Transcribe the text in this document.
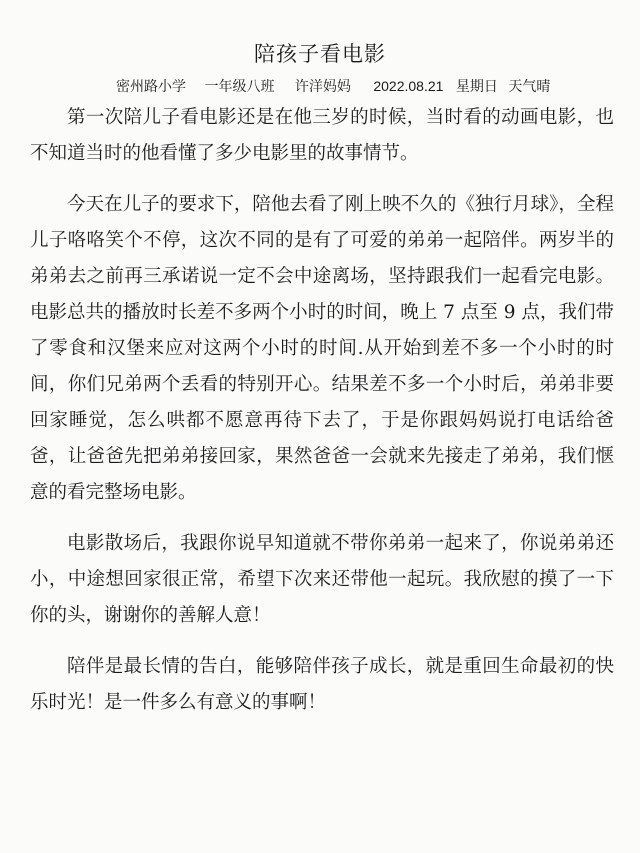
陪孩子看电影

密州路小学 一年级八班 许洋妈妈 2022.08.21 星期日 天气晴

第一次陪儿子看电影还是在他三岁的时候，当时看的动画电影，也不知道当时的他看懂了多少电影里的故事情节。

今天在儿子的要求下，陪他去看了刚上映不久的《独行月球》，全程儿子咯咯笑个不停，这次不同的是有了可爱的弟弟一起陪伴。两岁半的弟弟去之前再三承诺说一定不会中途离场，坚持跟我们一起看完电影。电影总共的播放时长差不多两个小时的时间，晚上 7 点至 9 点，我们带了零食和汉堡来应对这两个小时的时间.从开始到差不多一个小时的时间，你们兄弟两个丢看的特别开心。结果差不多一个小时后，弟弟非要回家睡觉，怎么哄都不愿意再待下去了，于是你跟妈妈说打电话给爸爸，让爸爸先把弟弟接回家，果然爸爸一会就来先接走了弟弟，我们惬意的看完整场电影。

电影散场后，我跟你说早知道就不带你弟弟一起来了，你说弟弟还小，中途想回家很正常，希望下次来还带他一起玩。我欣慰的摸了一下你的头，谢谢你的善解人意！

陪伴是最长情的告白，能够陪伴孩子成长，就是重回生命最初的快乐时光！是一件多么有意义的事啊！
